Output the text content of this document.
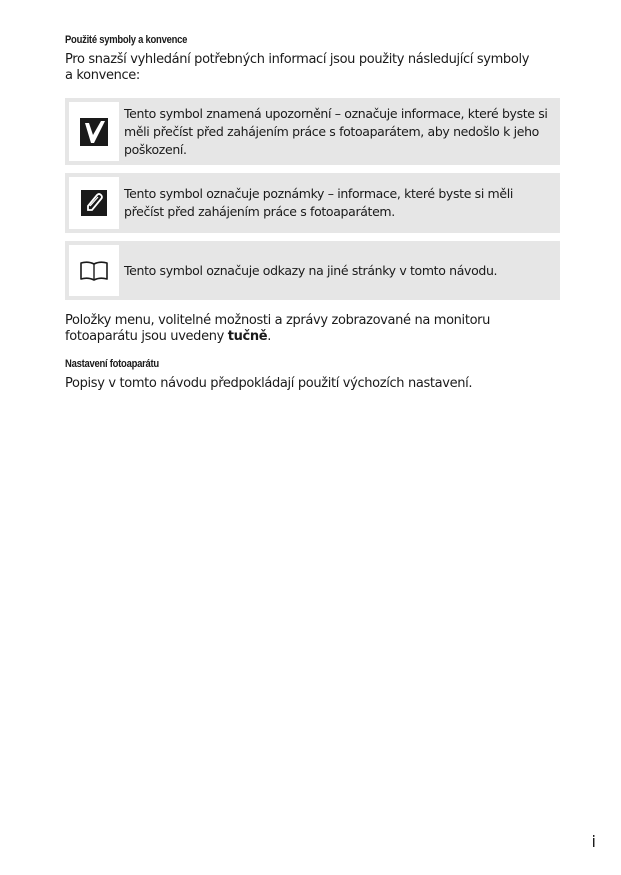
Použité symboly a konvence
Pro snazší vyhledání potřebných informací jsou použity následující symboly a konvence:
Tento symbol znamená upozornění – označuje informace, které byste si měli přečíst před zahájením práce s fotoaparátem, aby nedošlo k jeho poškození.
Tento symbol označuje poznámky – informace, které byste si měli přečíst před zahájením práce s fotoaparátem.
Tento symbol označuje odkazy na jiné stránky v tomto návodu.
Položky menu, volitelné možnosti a zprávy zobrazované na monitoru fotoaparátu jsou uvedeny tučně.
Nastavení fotoaparátu
Popisy v tomto návodu předpokládají použití výchozích nastavení.
i
